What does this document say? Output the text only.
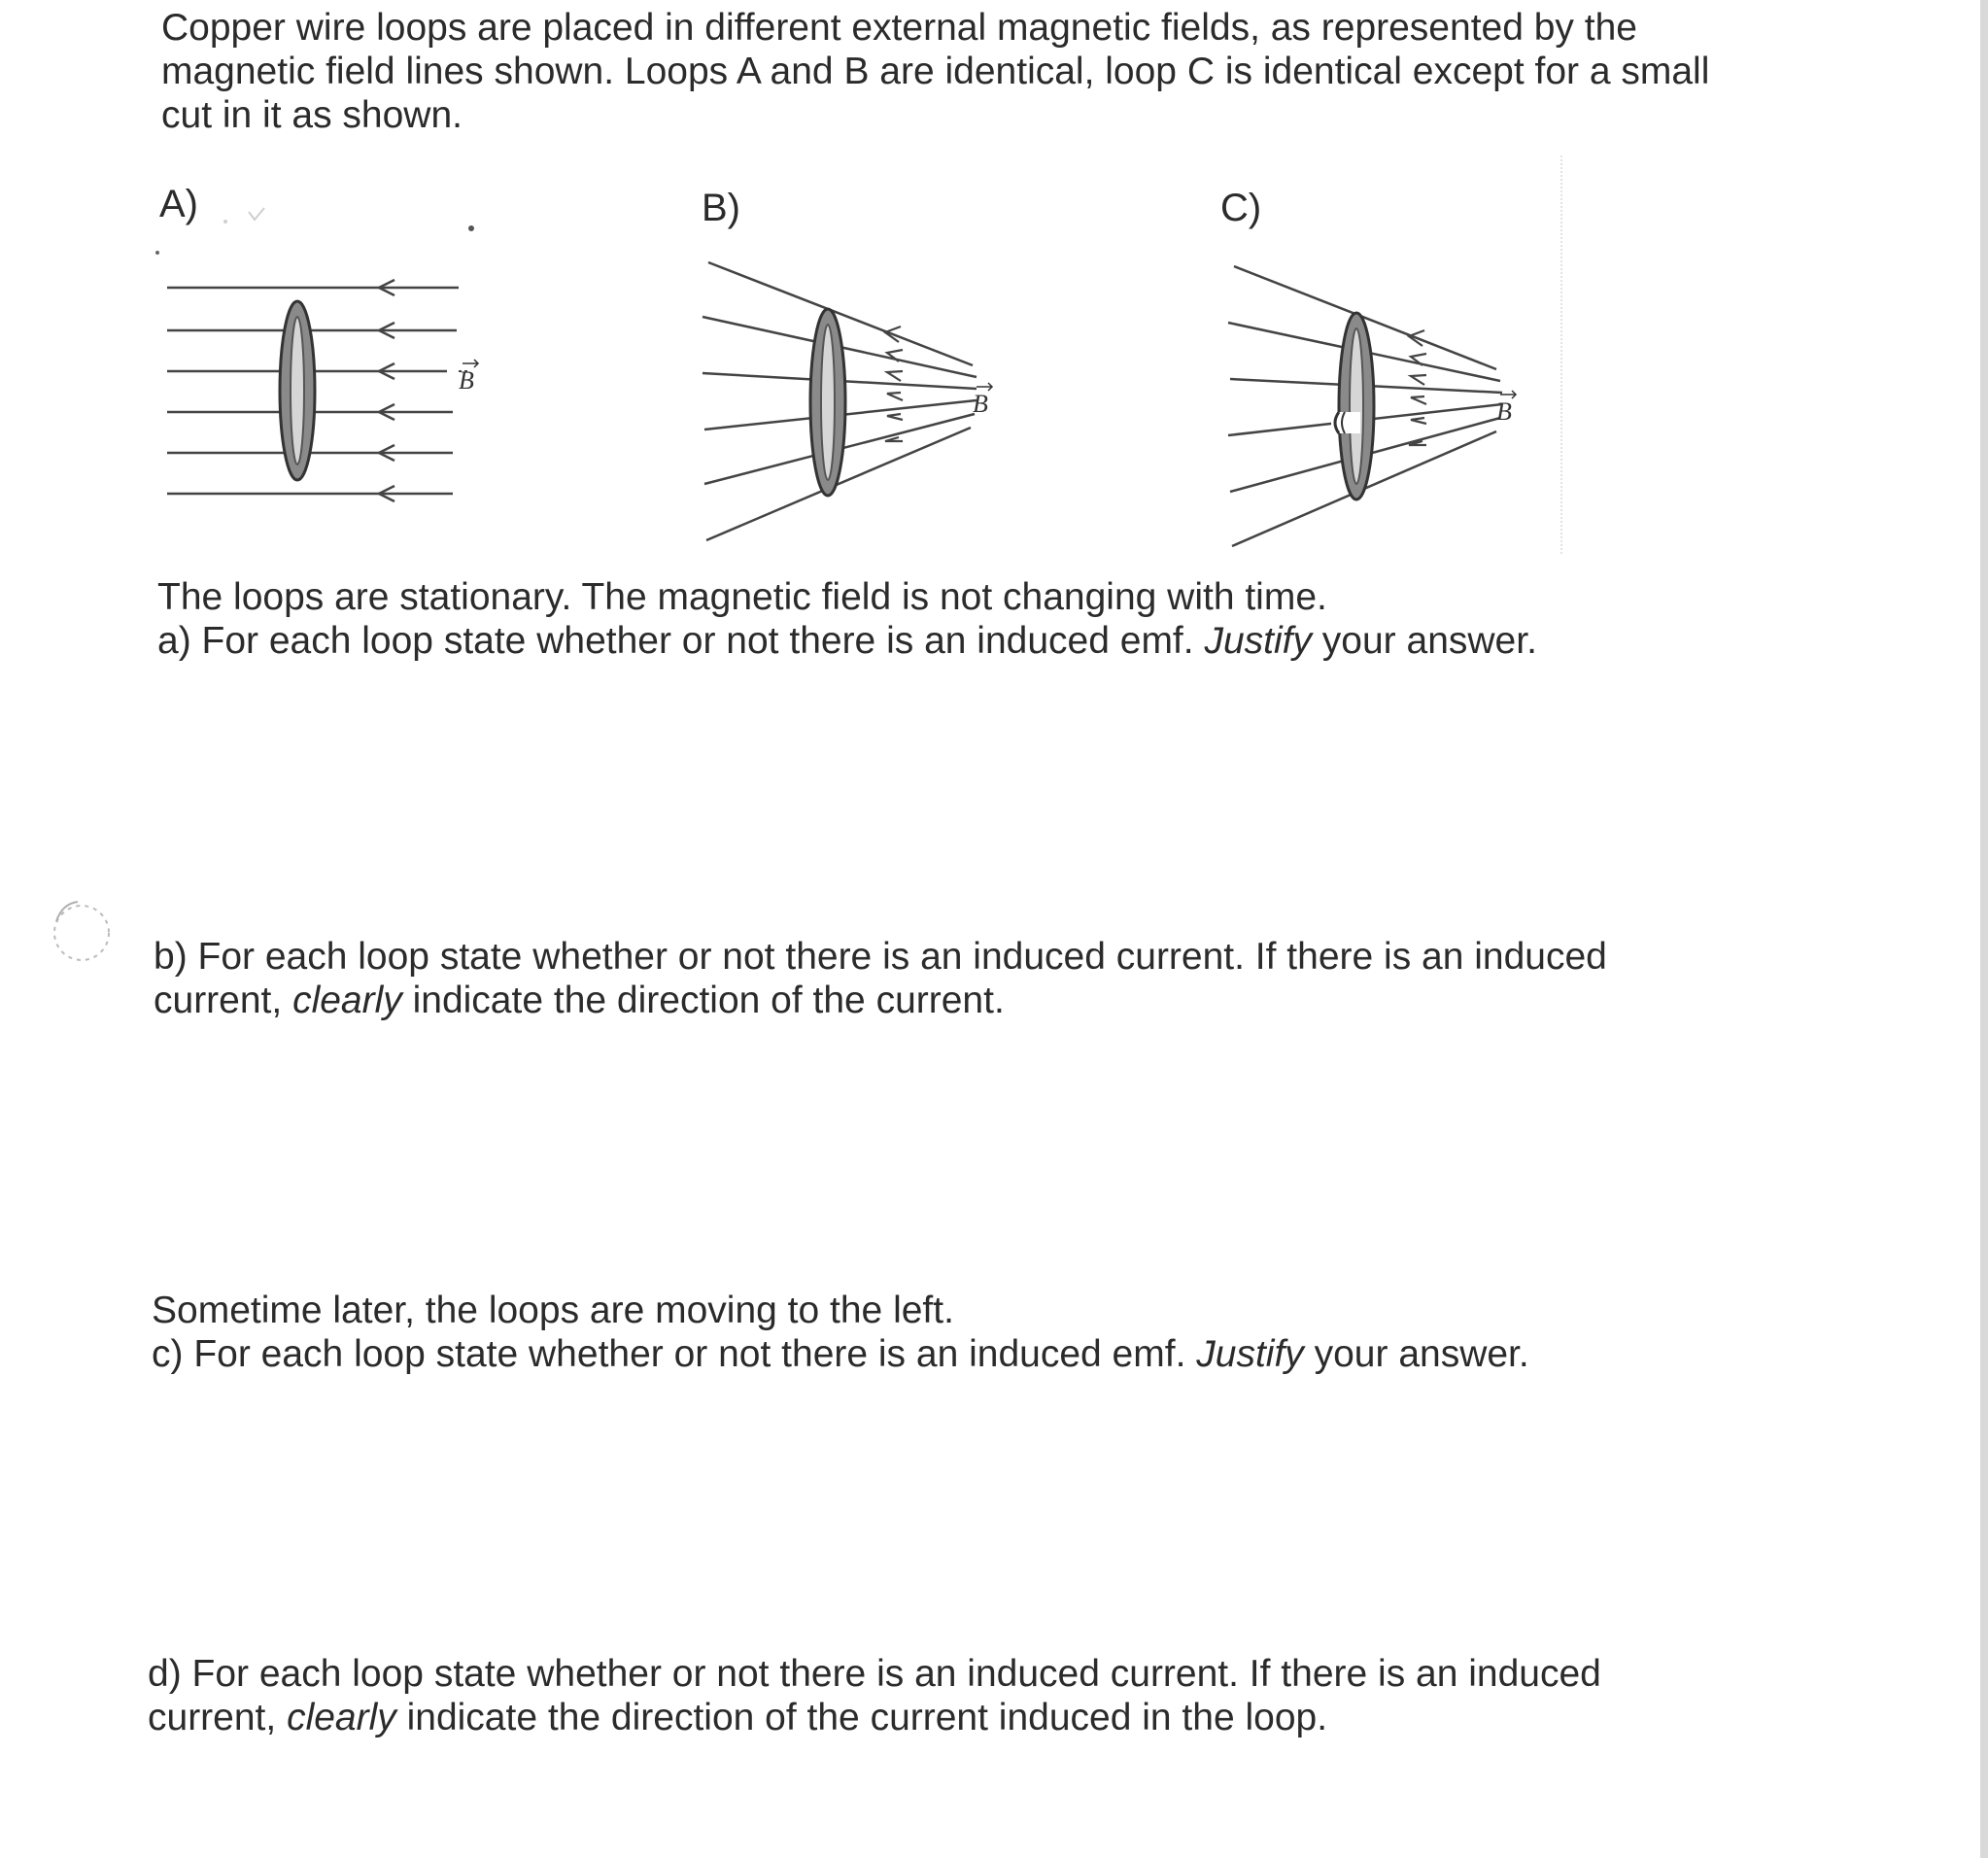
Copper wire loops are placed in different external magnetic fields, as represented by the
magnetic field lines shown. Loops A and B are identical, loop C is identical except for a small
cut in it as shown.
A)	B)	C)
B
B	B
The loops are stationary. The magnetic field is not changing with time.
a) For each loop state whether or not there is an induced emf. Justify your answer.
b) For each loop state whether or not there is an induced current. If there is an induced
current, clearly indicate the direction of the current.
Sometime later, the loops are moving to the left.
c) For each loop state whether or not there is an induced emf. Justify your answer.
d) For each loop state whether or not there is an induced current. If there is an induced
current, clearly indicate the direction of the current induced in the loop.
